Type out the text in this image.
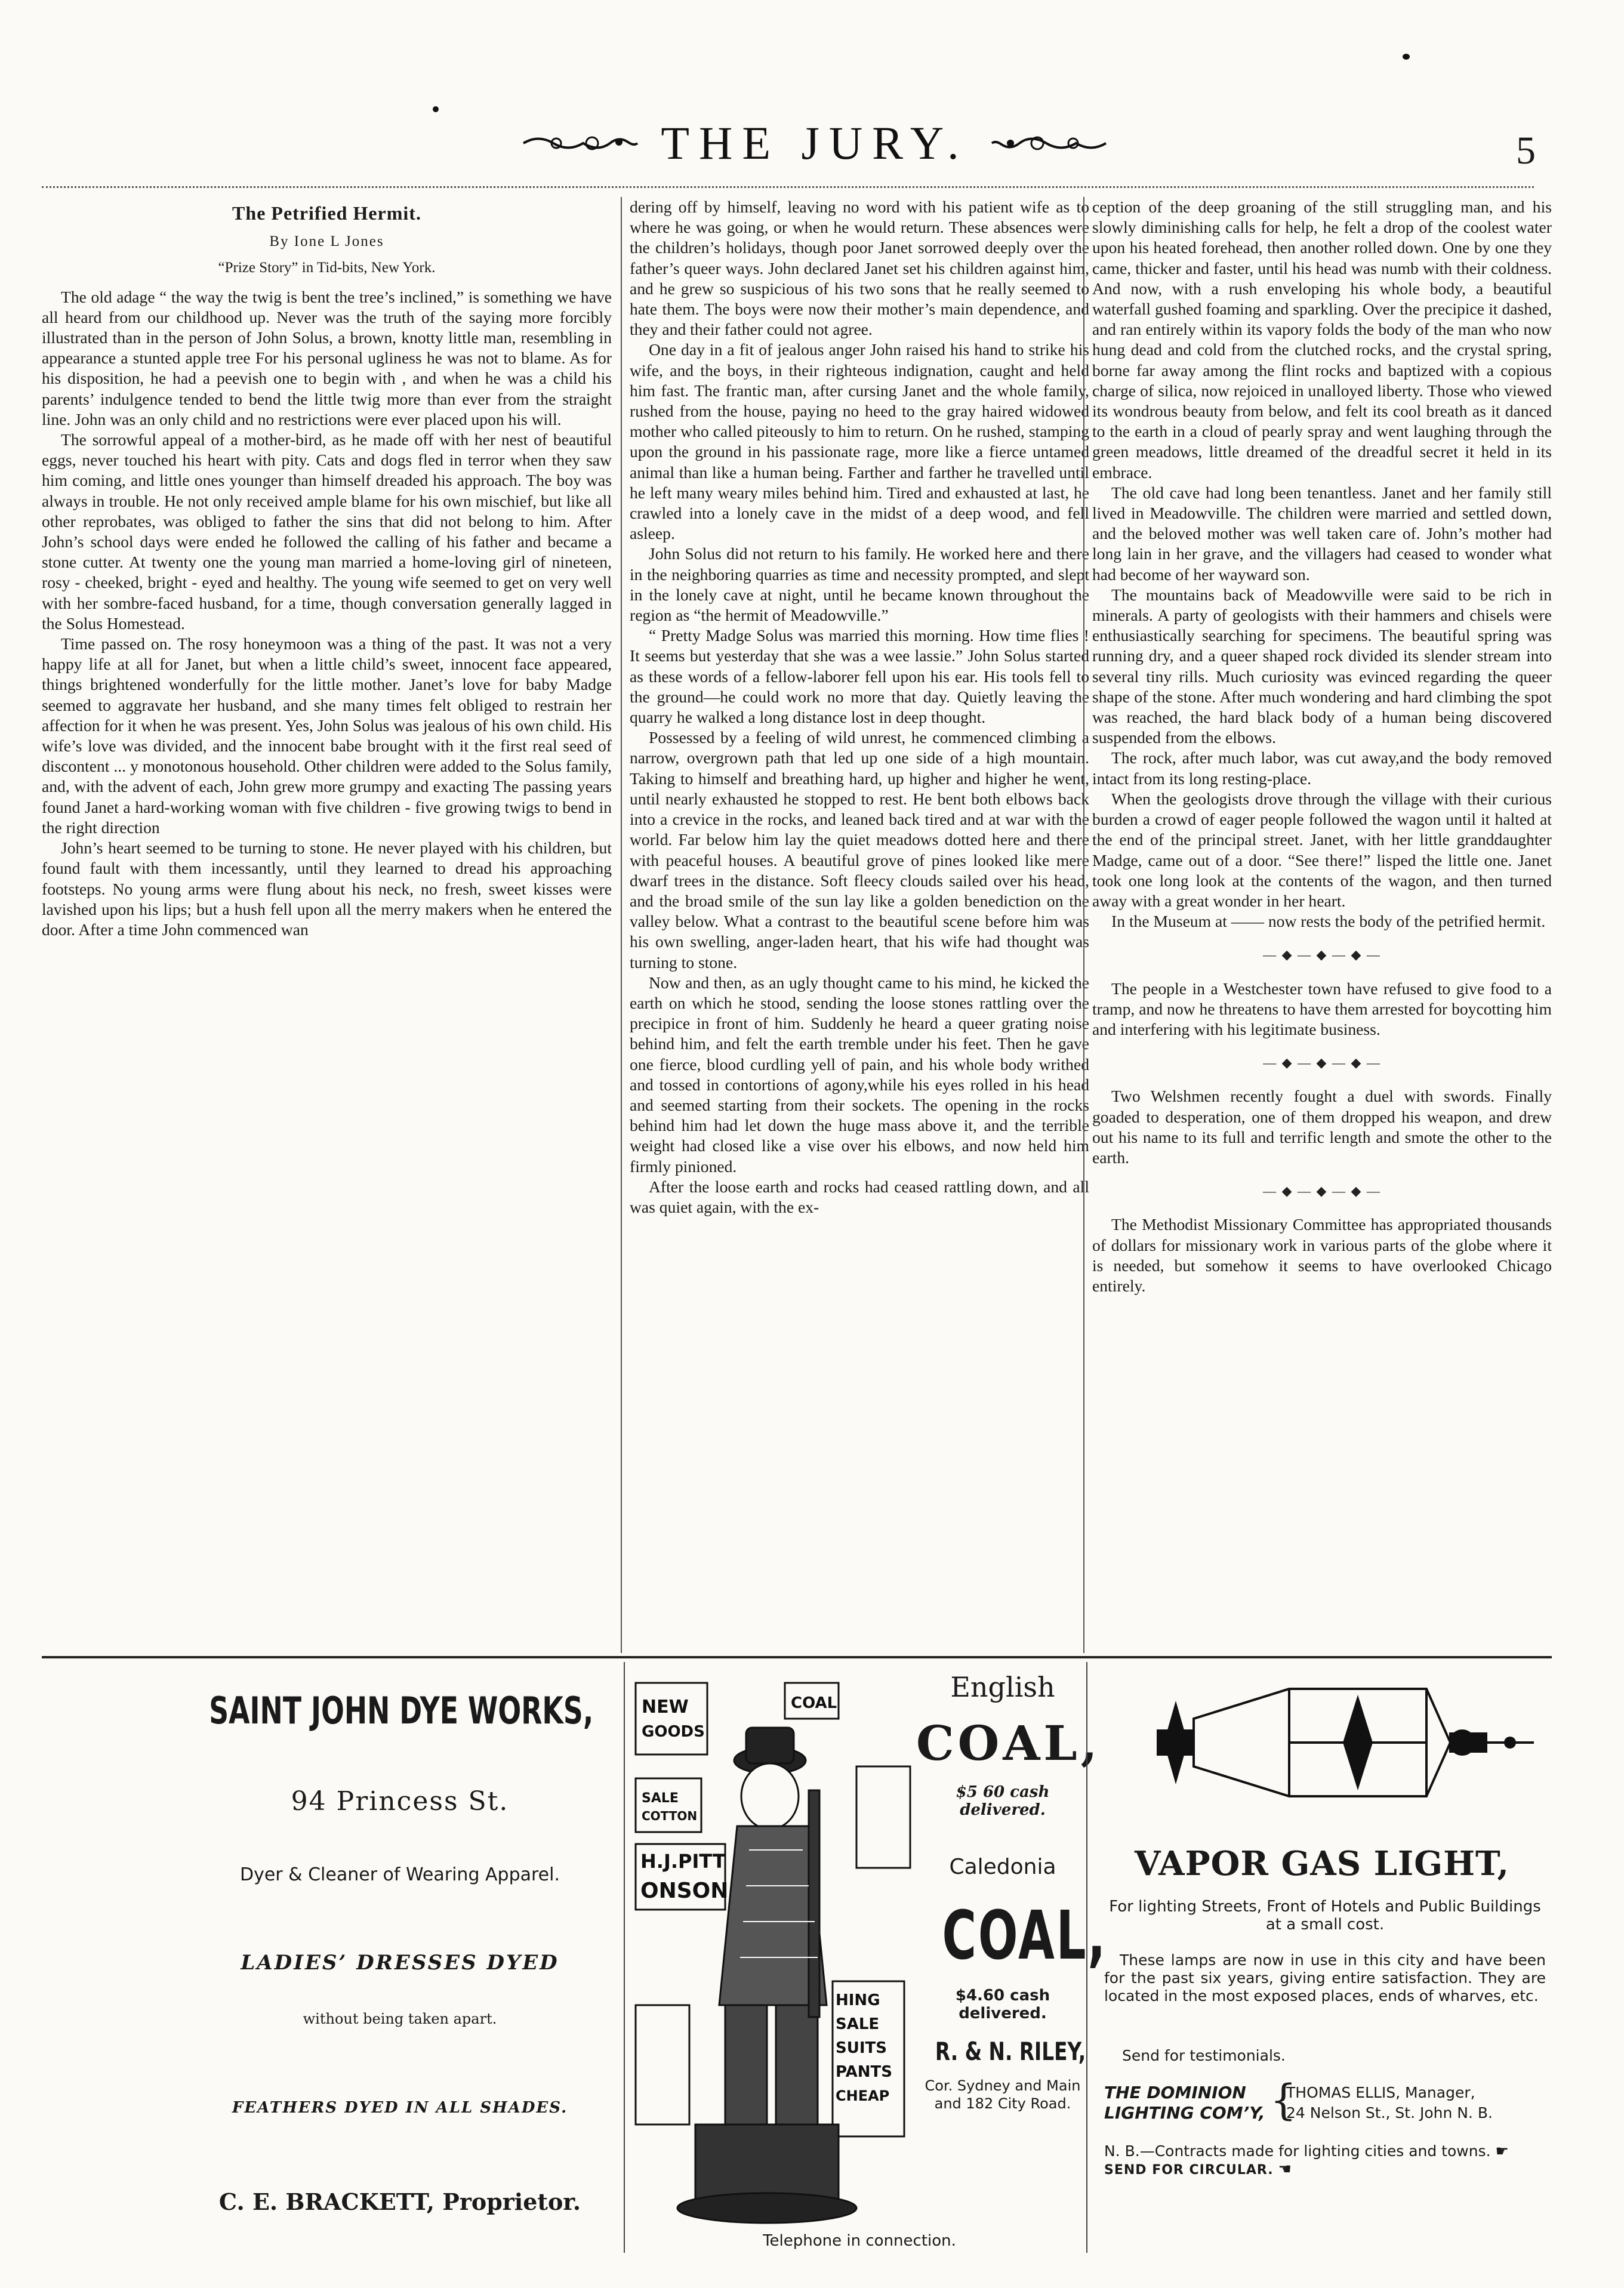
THE JURY.	5
The Petrified Hermit.
By Ione L Jones
“Prize Story” in Tid-bits, New York.

The old adage “ the way the twig is bent the tree’s inclined,” is something we have all heard from our childhood up. Never was the truth of the saying more forcibly illustrated than in the person of John Solus, a brown, knotty little man, resembling in appearance a stunted apple tree For his personal ugliness he was not to blame. As for his disposition, he had a peevish one to begin with , and when he was a child his parents’ indulgence tended to bend the little twig more than ever from the straight line. John was an only child and no restrictions were ever placed upon his will.

The sorrowful appeal of a mother-bird, as he made off with her nest of beautiful eggs, never touched his heart with pity. Cats and dogs fled in terror when they saw him coming, and little ones younger than himself dreaded his approach. The boy was always in trouble. He not only received ample blame for his own mischief, but like all other reprobates, was obliged to father the sins that did not belong to him. After John’s school days were ended he followed the calling of his father and became a stone cutter. At twenty one the young man married a home-loving girl of nineteen, rosy - cheeked, bright - eyed and healthy. The young wife seemed to get on very well with her sombre-faced husband, for a time, though conversation generally lagged in the Solus Homestead.

Time passed on. The rosy honeymoon was a thing of the past. It was not a very happy life at all for Janet, but when a little child’s sweet, innocent face appeared, things brightened wonderfully for the little mother. Janet’s love for baby Madge seemed to aggravate her husband, and she many times felt obliged to restrain her affection for it when he was present. Yes, John Solus was jealous of his own child. His wife’s love was divided, and the innocent babe brought with it the first real seed of discontent ... y monotonous household. Other children were added to the Solus family, and, with the advent of each, John grew more grumpy and exacting The passing years found Janet a hard-working woman with five children - five growing twigs to bend in the right direction

John’s heart seemed to be turning to stone. He never played with his children, but found fault with them incessantly, until they learned to dread his approaching footsteps. No young arms were flung about his neck, no fresh, sweet kisses were lavished upon his lips; but a hush fell upon all the merry makers when he entered the door. After a time John commenced wan

dering off by himself, leaving no word with his patient wife as to where he was going, or when he would return. These absences were the children’s holidays, though poor Janet sorrowed deeply over the father’s queer ways. John declared Janet set his children against him, and he grew so suspicious of his two sons that he really seemed to hate them. The boys were now their mother’s main dependence, and they and their father could not agree.

One day in a fit of jealous anger John raised his hand to strike his wife, and the boys, in their righteous indignation, caught and held him fast. The frantic man, after cursing Janet and the whole family, rushed from the house, paying no heed to the gray haired widowed mother who called piteously to him to return. On he rushed, stamping upon the ground in his passionate rage, more like a fierce untamed animal than like a human being. Farther and farther he travelled until he left many weary miles behind him. Tired and exhausted at last, he crawled into a lonely cave in the midst of a deep wood, and fell asleep.

John Solus did not return to his family. He worked here and there in the neighboring quarries as time and necessity prompted, and slept in the lonely cave at night, until he became known throughout the region as “the hermit of Meadowville.”

“ Pretty Madge Solus was married this morning. How time flies ! It seems but yesterday that she was a wee lassie.” John Solus started as these words of a fellow-laborer fell upon his ear. His tools fell to the ground—he could work no more that day. Quietly leaving the quarry he walked a long distance lost in deep thought.

Possessed by a feeling of wild unrest, he commenced climbing a narrow, overgrown path that led up one side of a high mountain. Taking to himself and breathing hard, up higher and higher he went, until nearly exhausted he stopped to rest. He bent both elbows back into a crevice in the rocks, and leaned back tired and at war with the world. Far below him lay the quiet meadows dotted here and there with peaceful houses. A beautiful grove of pines looked like mere dwarf trees in the distance. Soft fleecy clouds sailed over his head, and the broad smile of the sun lay like a golden benediction on the valley below. What a contrast to the beautiful scene before him was his own swelling, anger-laden heart, that his wife had thought was turning to stone.

Now and then, as an ugly thought came to his mind, he kicked the earth on which he stood, sending the loose stones rattling over the precipice in front of him. Suddenly he heard a queer grating noise behind him, and felt the earth tremble under his feet. Then he gave one fierce, blood curdling yell of pain, and his whole body writhed and tossed in contortions of agony,while his eyes rolled in his head and seemed starting from their sockets. The opening in the rocks behind him had let down the huge mass above it, and the terrible weight had closed like a vise over his elbows, and now held him firmly pinioned.

After the loose earth and rocks had ceased rattling down, and all was quiet again, with the ex-

ception of the deep groaning of the still struggling man, and his slowly diminishing calls for help, he felt a drop of the coolest water upon his heated forehead, then another rolled down. One by one they came, thicker and faster, until his head was numb with their coldness. And now, with a rush enveloping his whole body, a beautiful waterfall gushed foaming and sparkling. Over the precipice it dashed, and ran entirely within its vapory folds the body of the man who now hung dead and cold from the clutched rocks, and the crystal spring, borne far away among the flint rocks and baptized with a copious charge of silica, now rejoiced in unalloyed liberty. Those who viewed its wondrous beauty from below, and felt its cool breath as it danced to the earth in a cloud of pearly spray and went laughing through the green meadows, little dreamed of the dreadful secret it held in its embrace.

The old cave had long been tenantless. Janet and her family still lived in Meadowville. The children were married and settled down, and the beloved mother was well taken care of. John’s mother had long lain in her grave, and the villagers had ceased to wonder what had become of her wayward son.

The mountains back of Meadowville were said to be rich in minerals. A party of geologists with their hammers and chisels were enthusiastically searching for specimens. The beautiful spring was running dry, and a queer shaped rock divided its slender stream into several tiny rills. Much curiosity was evinced regarding the queer shape of the stone. After much wondering and hard climbing the spot was reached, the hard black body of a human being discovered suspended from the elbows.

The rock, after much labor, was cut away,and the body removed intact from its long resting-place.

When the geologists drove through the village with their curious burden a crowd of eager people followed the wagon until it halted at the end of the principal street. Janet, with her little granddaughter Madge, came out of a door. “See there!” lisped the little one. Janet took one long look at the contents of the wagon, and then turned away with a great wonder in her heart.

In the Museum at —— now rests the body of the petrified hermit.

— ◆ — ◆ — ◆ —

The people in a Westchester town have refused to give food to a tramp, and now he threatens to have them arrested for boycotting him and interfering with his legitimate business.

— ◆ — ◆ — ◆ —

Two Welshmen recently fought a duel with swords. Finally goaded to desperation, one of them dropped his weapon, and drew out his name to its full and terrific length and smote the other to the earth.

— ◆ — ◆ — ◆ —

The Methodist Missionary Committee has appropriated thousands of dollars for missionary work in various parts of the globe where it is needed, but somehow it seems to have overlooked Chicago entirely.

SAINT JOHN DYE WORKS,
94 Princess St.
Dyer & Cleaner of Wearing Apparel.
LADIES’ DRESSES DYED
without being taken apart.
FEATHERS DYED IN ALL SHADES.
C. E. BRACKETT, Proprietor.
NEW
GOODS
COAL
SALE
COTTON
H.J.PITT
ONSON
HING
SALE
SUITS
PANTS
CHEAP
English
COAL,
$5 60 cash delivered.
Caledonia
COAL,
$4.60 cash delivered.
R. & N. RILEY,
Cor. Sydney and Main and 182 City Road.
Telephone in connection.
VAPOR GAS LIGHT,
For lighting Streets, Front of Hotels and Public Buildings at a small cost.
These lamps are now in use in this city and have been for the past six years, giving entire satisfaction. They are located in the most exposed places, ends of wharves, etc.
Send for testimonials.
THE DOMINION
LIGHTING COM’Y, {
THOMAS ELLIS, Manager,
24 Nelson St., St. John N. B.
N. B.—Contracts made for lighting cities and towns. ☛ SEND FOR CIRCULAR. ☚
